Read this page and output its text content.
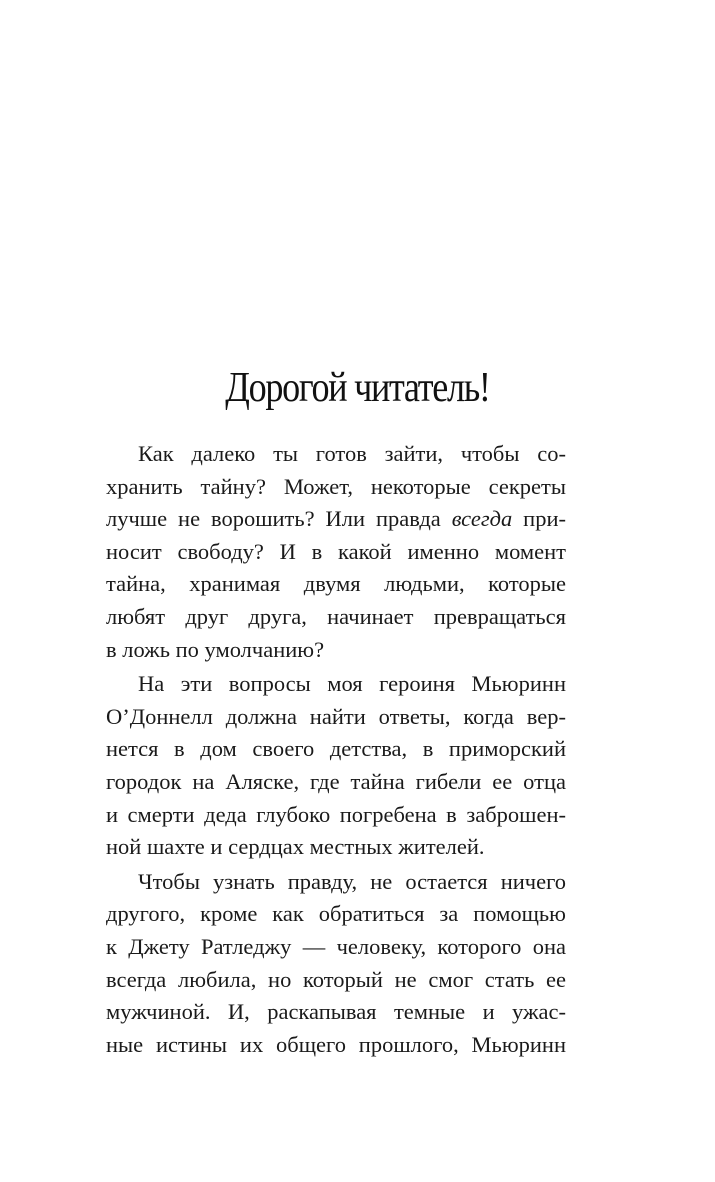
Дорогой читатель!
Как далеко ты готов зайти, чтобы со-
хранить тайну? Может, некоторые секреты
лучше не ворошить? Или правда всегда при-
носит свободу? И в какой именно момент
тайна, хранимая двумя людьми, которые
любят друг друга, начинает превращаться
в ложь по умолчанию?
На эти вопросы моя героиня Мьюринн
О’Доннелл должна найти ответы, когда вер-
нется в дом своего детства, в приморский
городок на Аляске, где тайна гибели ее отца
и смерти деда глубоко погребена в заброшен-
ной шахте и сердцах местных жителей.
Чтобы узнать правду, не остается ничего
другого, кроме как обратиться за помощью
к Джету Ратледжу — человеку, которого она
всегда любила, но который не смог стать ее
мужчиной. И, раскапывая темные и ужас-
ные истины их общего прошлого, Мьюринн
